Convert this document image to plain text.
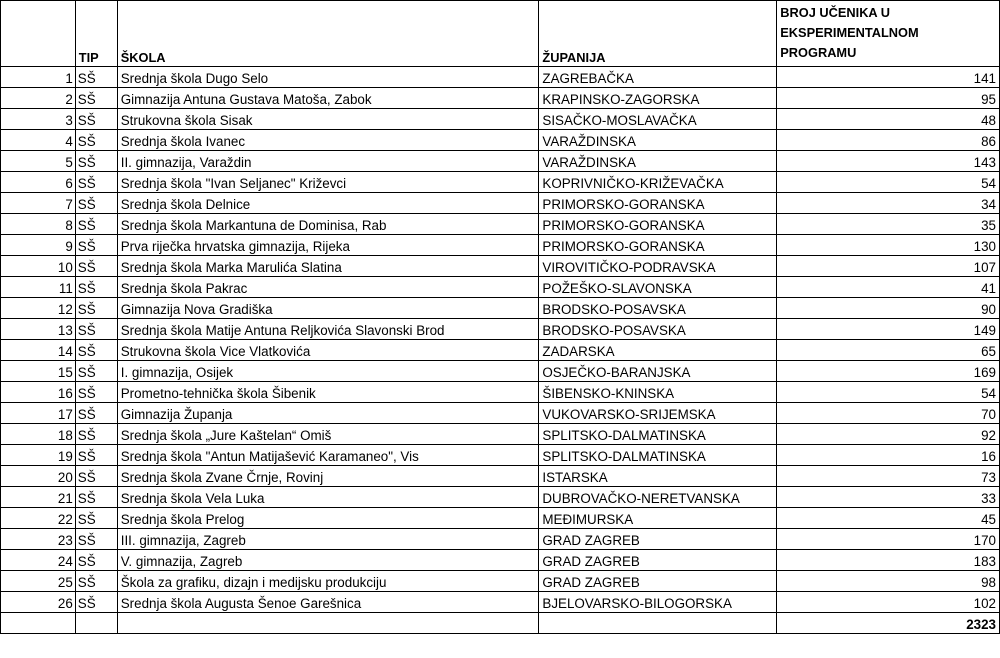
	TIP	ŠKOLA	ŽUPANIJA	BROJ UČENIKA U EKSPERIMENTALNOM PROGRAMU
1	SŠ	Srednja škola Dugo Selo	ZAGREBAČKA	141
2	SŠ	Gimnazija Antuna Gustava Matoša, Zabok	KRAPINSKO-ZAGORSKA	95
3	SŠ	Strukovna škola Sisak	SISAČKO-MOSLAVAČKA	48
4	SŠ	Srednja škola Ivanec	VARAŽDINSKA	86
5	SŠ	II. gimnazija, Varaždin	VARAŽDINSKA	143
6	SŠ	Srednja škola "Ivan Seljanec" Križevci	KOPRIVNIČKO-KRIŽEVAČKA	54
7	SŠ	Srednja škola Delnice	PRIMORSKO-GORANSKA	34
8	SŠ	Srednja škola Markantuna de Dominisa, Rab	PRIMORSKO-GORANSKA	35
9	SŠ	Prva riječka hrvatska gimnazija, Rijeka	PRIMORSKO-GORANSKA	130
10	SŠ	Srednja škola Marka Marulića Slatina	VIROVITIČKO-PODRAVSKA	107
11	SŠ	Srednja škola Pakrac	POŽEŠKO-SLAVONSKA	41
12	SŠ	Gimnazija Nova Gradiška	BRODSKO-POSAVSKA	90
13	SŠ	Srednja škola Matije Antuna Reljkovića Slavonski Brod	BRODSKO-POSAVSKA	149
14	SŠ	Strukovna škola Vice Vlatkovića	ZADARSKA	65
15	SŠ	I. gimnazija, Osijek	OSJEČKO-BARANJSKA	169
16	SŠ	Prometno-tehnička škola Šibenik	ŠIBENSKO-KNINSKA	54
17	SŠ	Gimnazija Županja	VUKOVARSKO-SRIJEMSKA	70
18	SŠ	Srednja škola „Jure Kaštelan“ Omiš	SPLITSKO-DALMATINSKA	92
19	SŠ	Srednja škola "Antun Matijašević Karamaneo", Vis	SPLITSKO-DALMATINSKA	16
20	SŠ	Srednja škola Zvane Črnje, Rovinj	ISTARSKA	73
21	SŠ	Srednja škola Vela Luka	DUBROVAČKO-NERETVANSKA	33
22	SŠ	Srednja škola Prelog	MEĐIMURSKA	45
23	SŠ	III. gimnazija, Zagreb	GRAD ZAGREB	170
24	SŠ	V. gimnazija, Zagreb	GRAD ZAGREB	183
25	SŠ	Škola za grafiku, dizajn i medijsku produkciju	GRAD ZAGREB	98
26	SŠ	Srednja škola Augusta Šenoe Garešnica	BJELOVARSKO-BILOGORSKA	102
				2323
